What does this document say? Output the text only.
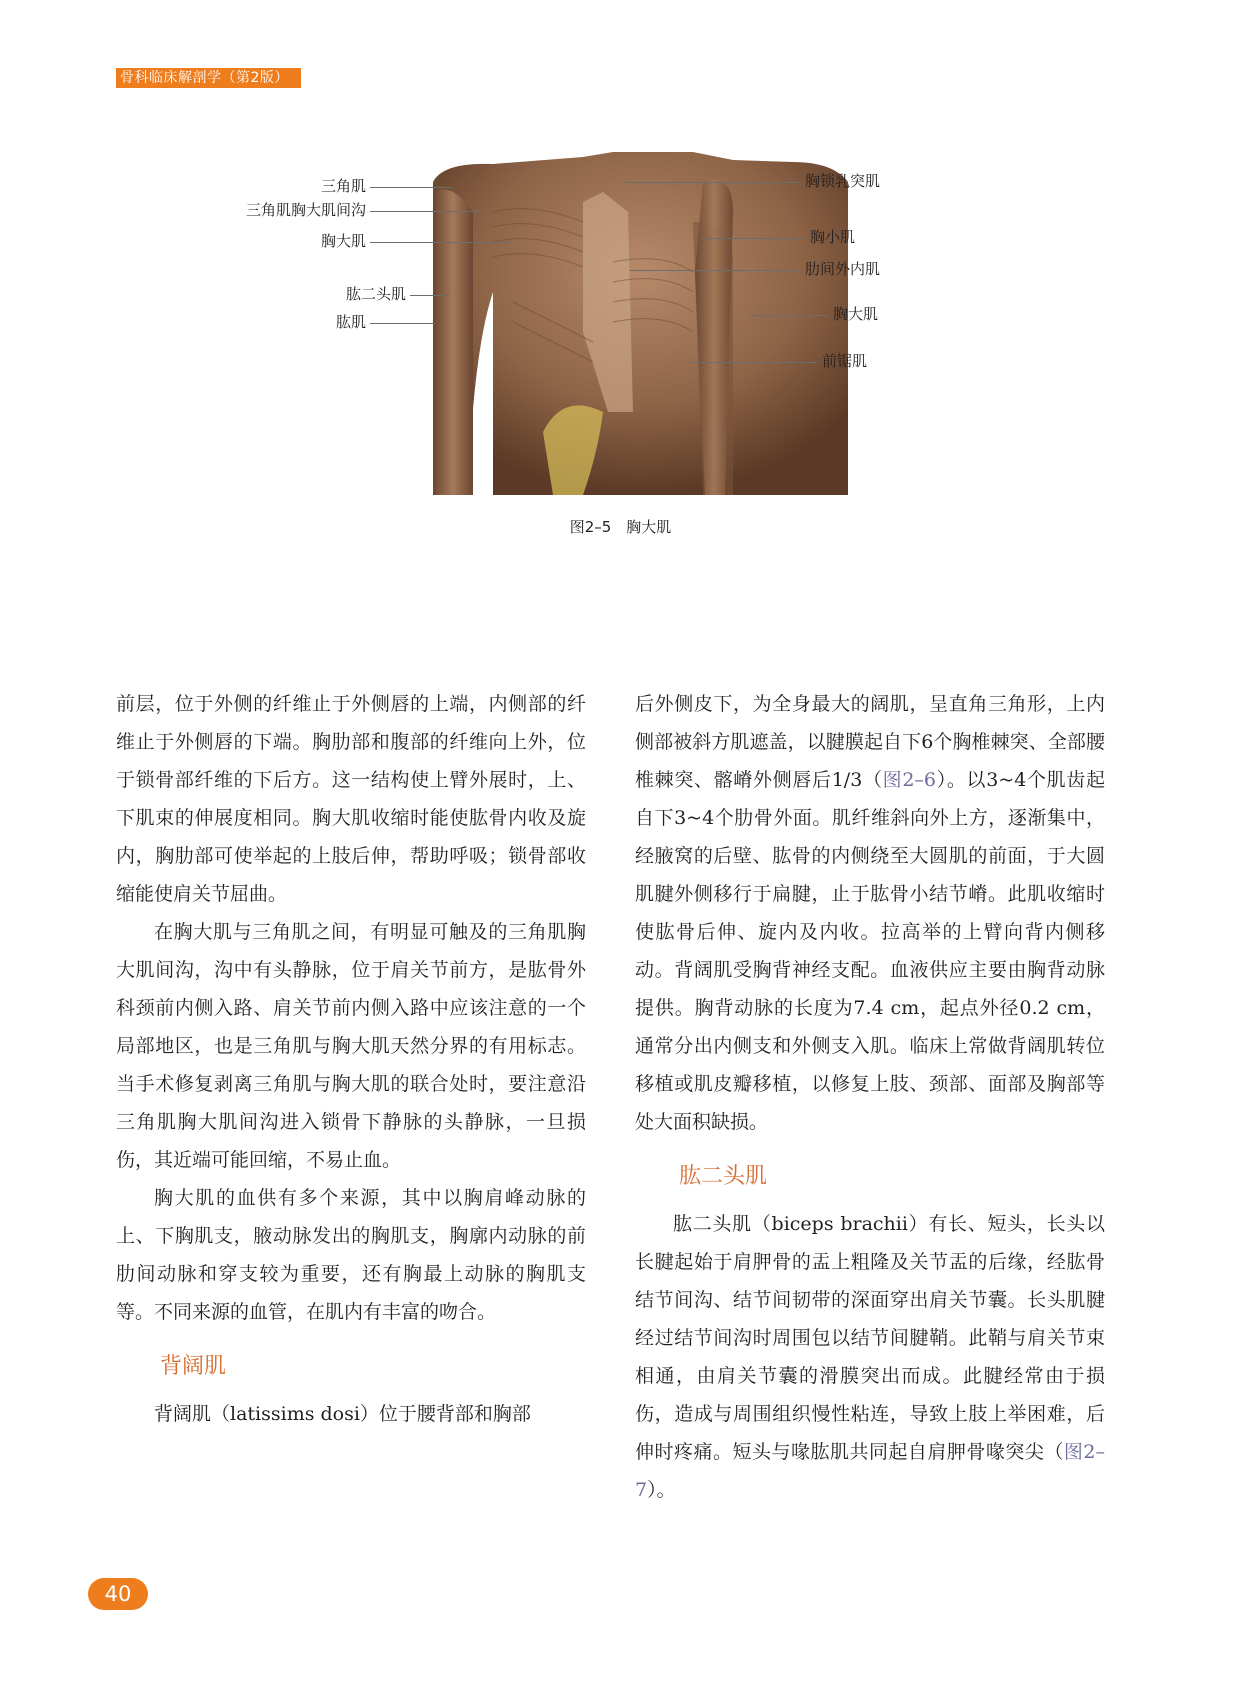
骨科临床解剖学（第2版）
三角肌
三角肌胸大肌间沟
胸大肌
肱二头肌
肱肌
胸锁乳突肌
胸小肌
肋间外内肌
胸大肌
前锯肌
图2–5　胸大肌

前层，位于外侧的纤维止于外侧唇的上端，内侧部的纤维止于外侧唇的下端。胸肋部和腹部的纤维向上外，位于锁骨部纤维的下后方。这一结构使上臂外展时，上、下肌束的伸展度相同。胸大肌收缩时能使肱骨内收及旋内，胸肋部可使举起的上肢后伸，帮助呼吸；锁骨部收缩能使肩关节屈曲。

在胸大肌与三角肌之间，有明显可触及的三角肌胸大肌间沟，沟中有头静脉，位于肩关节前方，是肱骨外科颈前内侧入路、肩关节前内侧入路中应该注意的一个局部地区，也是三角肌与胸大肌天然分界的有用标志。当手术修复剥离三角肌与胸大肌的联合处时，要注意沿三角肌胸大肌间沟进入锁骨下静脉的头静脉，一旦损伤，其近端可能回缩，不易止血。

胸大肌的血供有多个来源，其中以胸肩峰动脉的上、下胸肌支，腋动脉发出的胸肌支，胸廓内动脉的前肋间动脉和穿支较为重要，还有胸最上动脉的胸肌支等。不同来源的血管，在肌内有丰富的吻合。

背阔肌

背阔肌（latissims dosi）位于腰背部和胸部

后外侧皮下，为全身最大的阔肌，呈直角三角形，上内侧部被斜方肌遮盖，以腱膜起自下6个胸椎棘突、全部腰椎棘突、髂嵴外侧唇后1/3（图2–6）。以3~4个肌齿起自下3~4个肋骨外面。肌纤维斜向外上方，逐渐集中，经腋窝的后壁、肱骨的内侧绕至大圆肌的前面，于大圆肌腱外侧移行于扁腱，止于肱骨小结节嵴。此肌收缩时使肱骨后伸、旋内及内收。拉高举的上臂向背内侧移动。背阔肌受胸背神经支配。血液供应主要由胸背动脉提供。胸背动脉的长度为7.4 cm，起点外径0.2 cm，通常分出内侧支和外侧支入肌。临床上常做背阔肌转位移植或肌皮瓣移植，以修复上肢、颈部、面部及胸部等处大面积缺损。

肱二头肌

肱二头肌（biceps brachii）有长、短头，长头以长腱起始于肩胛骨的盂上粗隆及关节盂的后缘，经肱骨结节间沟、结节间韧带的深面穿出肩关节囊。长头肌腱经过结节间沟时周围包以结节间腱鞘。此鞘与肩关节束相通，由肩关节囊的滑膜突出而成。此腱经常由于损伤，造成与周围组织慢性粘连，导致上肢上举困难，后伸时疼痛。短头与喙肱肌共同起自肩胛骨喙突尖（图2–7）。

40
